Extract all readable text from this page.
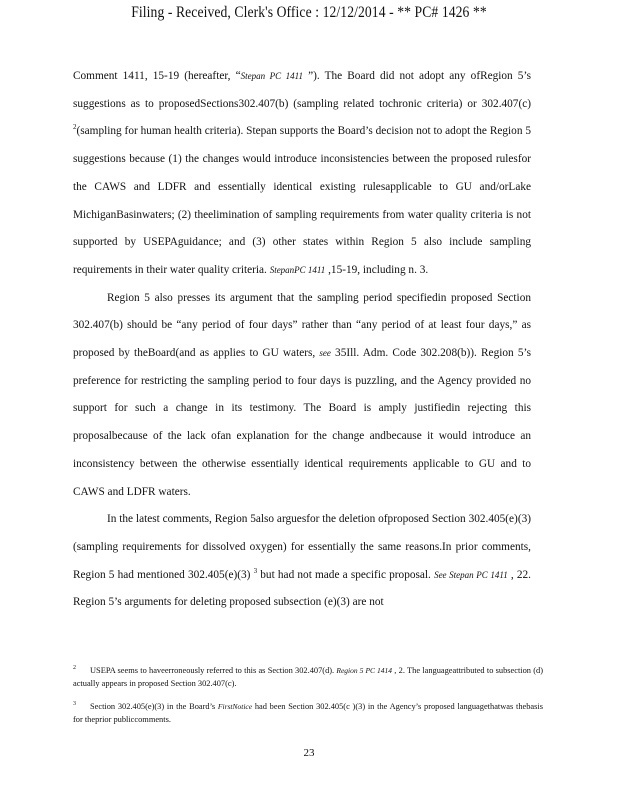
Filing - Received, Clerk's Office : 12/12/2014 - ** PC# 1426 **

Comment 1411, 15-19 (hereafter, “Stepan PC 1411 ”). The Board did not adopt any ofRegion 5’s suggestions as to proposedSections302.407(b) (sampling related tochronic criteria) or 302.407(c) $^2$(sampling for human health criteria). Stepan supports the Board’s decision not to adopt the Region 5 suggestions because (1) the changes would introduce inconsistencies between the proposed rulesfor the CAWS and LDFR and essentially identical existing rulesapplicable to GU and/orLake MichiganBasinwaters; (2) theelimination of sampling requirements from water quality criteria is not supported by USEPAguidance; and (3) other states within Region 5 also include sampling requirements in their water quality criteria. StepanPC 1411 ,15-19, including n. 3.

Region 5 also presses its argument that the sampling period specifiedin proposed Section 302.407(b) should be “any period of four days” rather than “any period of at least four days,” as proposed by theBoard(and as applies to GU waters, see 35Ill. Adm. Code 302.208(b)). Region 5’s preference for restricting the sampling period to four days is puzzling, and the Agency provided no support for such a change in its testimony. The Board is amply justifiedin rejecting this proposalbecause of the lack ofan explanation for the change andbecause it would introduce an inconsistency between the otherwise essentially identical requirements applicable to GU and to CAWS and LDFR waters.

In the latest comments, Region 5also arguesfor the deletion ofproposed Section 302.405(e)(3) (sampling requirements for dissolved oxygen) for essentially the same reasons.In prior comments, Region 5 had mentioned 302.405(e)(3) $^3$ but had not made a specific proposal. See Stepan PC 1411 , 22. Region 5’s arguments for deleting proposed subsection (e)(3) are not

$^2$ USEPA seems to haveerroneously referred to this as Section 302.407(d). Region 5 PC 1414 , 2. The languageattributed to subsection (d) actually appears in proposed Section 302.407(c).

$^3$ Section 302.405(e)(3) in the Board’s FirstNotice had been Section 302.405(c )(3) in the Agency’s proposed languagethatwas thebasis for theprior publiccomments.

23
